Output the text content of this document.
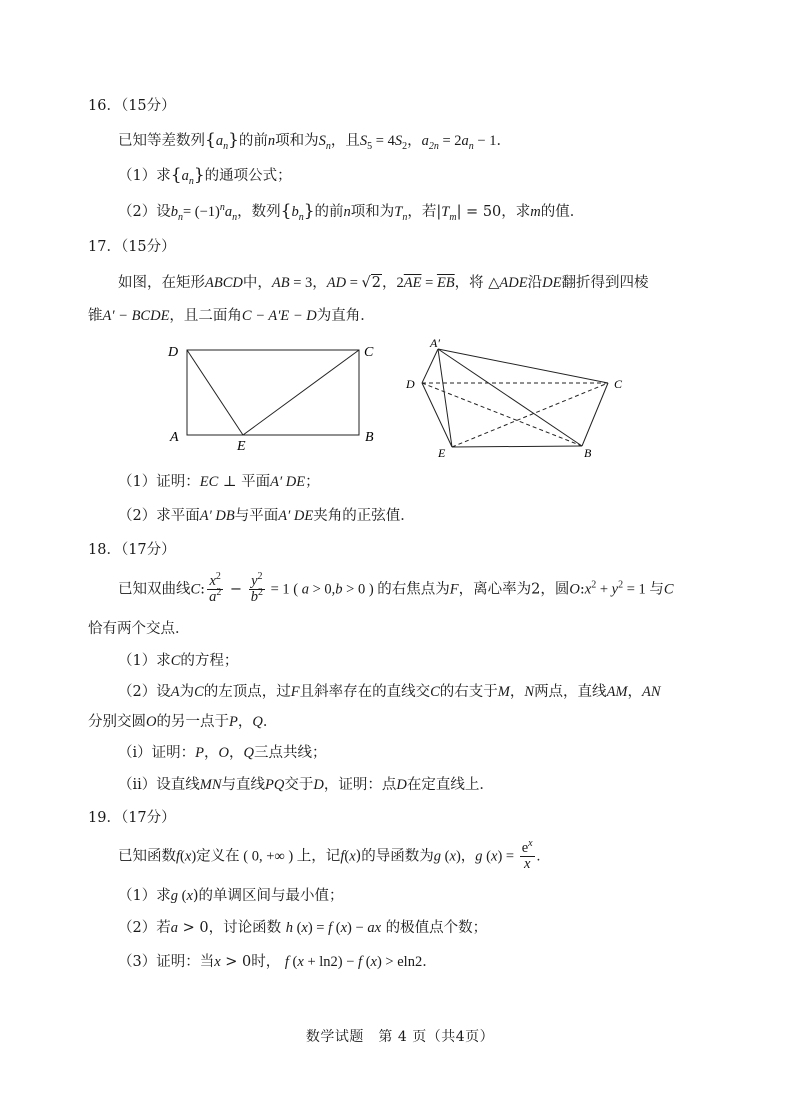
16．（15分）
已知等差数列$\{a_n\}$的前n项和为$S_n$，且$S_5 = 4S_2$，$a_{2n} = 2a_n - 1$．
（1）求$\{a_n\}$的通项公式；
（2）设$b_n= (-1)^na_n$，数列$\{b_n\}$的前n项和为$T_n$，若$|T_m| = 50$，求m的值．
17．（15分）
如图，在矩形ABCD中，AB = 3，AD = √2，$2\overline{AE} = \overline{EB}$，将 △ADE沿DE翻折得到四棱
锥A′ − BCDE，且二面角C − A′E − D为直角．
D	C
A
E
B
A′
D	C
E	B
（1）证明：EC ⊥ 平面A′ DE；
（2）求平面A′ DB与平面A′ DE夹角的正弦值．
18．（17分）
已知双曲线C: $\frac{x^2}{a^2} - \frac{y^2}{b^2} = 1$ ( a > 0,b > 0 ) 的右焦点为F，离心率为2，圆$O:x^2 + y^2 = 1$ 与C
恰有两个交点．
（1）求C的方程；
（2）设A为C的左顶点，过F且斜率存在的直线交C的右支于M，N两点，直线AM，AN
分别交圆O的另一点于P，Q．
（i）证明：P，O，Q三点共线；
（ii）设直线MN与直线PQ交于D，证明：点D在定直线上．
19．（17分）
已知函数f(x)定义在 ( 0, +∞ ) 上，记f(x)的导函数为g (x)，g $(x) = \frac{e^x}{x}$ .
（1）求g (x)的单调区间与最小值；
（2）若a > 0，讨论函数 h (x) = f (x) − ax 的极值点个数；
（3）证明：当x > 0时， f (x + ln2) − f (x) > eln2．
数学试题　第 4 页（共4页）
